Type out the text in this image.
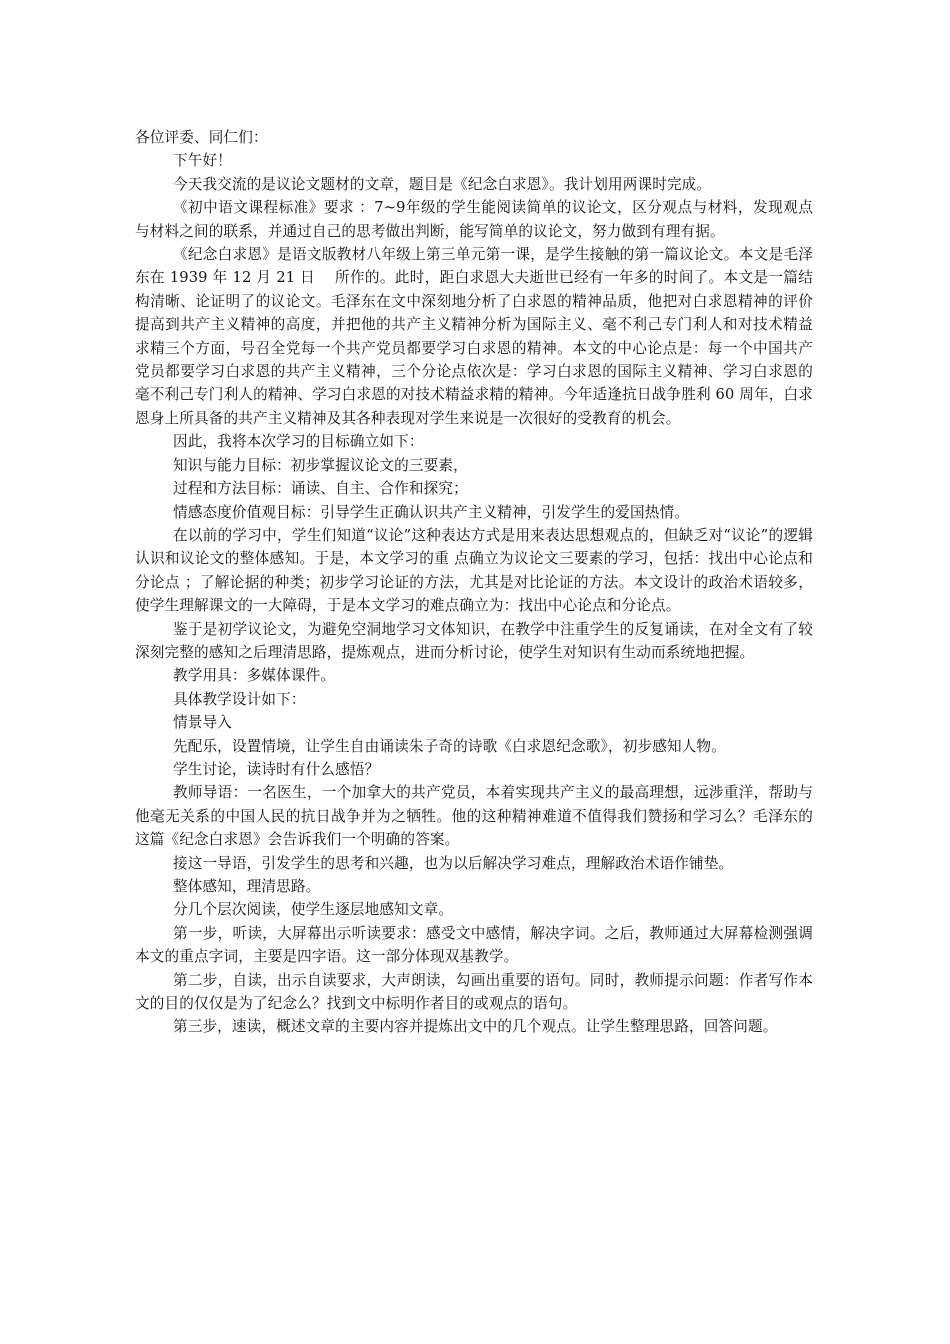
各位评委、同仁们：

下午好！

今天我交流的是议论文题材的文章，题目是《纪念白求恩》。我计划用两课时完成。

《初中语文课程标准》要求 ：7~9年级的学生能阅读简单的议论文，区分观点与材料，发现观点与材料之间的联系，并通过自己的思考做出判断，能写简单的议论文，努力做到有理有据。

《纪念白求恩》是语文版教材八年级上第三单元第一课，是学生接触的第一篇议论文。本文是毛泽东在 1939 年 12 月 21 日 　所作的。此时，距白求恩大夫逝世已经有一年多的时间了。本文是一篇结构清晰、论证明了的议论文。毛泽东在文中深刻地分析了白求恩的精神品质，他把对白求恩精神的评价提高到共产主义精神的高度，并把他的共产主义精神分析为国际主义、毫不利己专门利人和对技术精益求精三个方面，号召全党每一个共产党员都要学习白求恩的精神。本文的中心论点是：每一个中国共产党员都要学习白求恩的共产主义精神，三个分论点依次是：学习白求恩的国际主义精神、学习白求恩的毫不利己专门利人的精神、学习白求恩的对技术精益求精的精神。今年适逢抗日战争胜利 60 周年，白求恩身上所具备的共产主义精神及其各种表现对学生来说是一次很好的受教育的机会。

因此，我将本次学习的目标确立如下：

知识与能力目标：初步掌握议论文的三要素，

过程和方法目标：诵读、自主、合作和探究；

情感态度价值观目标：引导学生正确认识共产主义精神，引发学生的爱国热情。

在以前的学习中，学生们知道“议论”这种表达方式是用来表达思想观点的，但缺乏对“议论”的逻辑认识和议论文的整体感知。于是，本文学习的重 点确立为议论文三要素的学习，包括：找出中心论点和分论点 ；了解论据的种类；初步学习论证的方法，尤其是对比论证的方法。本文设计的政治术语较多，使学生理解课文的一大障碍，于是本文学习的难点确立为：找出中心论点和分论点。

鉴于是初学议论文，为避免空洞地学习文体知识，在教学中注重学生的反复诵读，在对全文有了较深刻完整的感知之后理清思路，提炼观点，进而分析讨论，使学生对知识有生动而系统地把握。

教学用具：多媒体课件。

具体教学设计如下：

情景导入

先配乐，设置情境，让学生自由诵读朱子奇的诗歌《白求恩纪念歌》，初步感知人物。

学生讨论，读诗时有什么感悟？

教师导语：一名医生，一个加拿大的共产党员，本着实现共产主义的最高理想，远涉重洋，帮助与他毫无关系的中国人民的抗日战争并为之牺牲。他的这种精神难道不值得我们赞扬和学习么？毛泽东的这篇《纪念白求恩》会告诉我们一个明确的答案。

接这一导语，引发学生的思考和兴趣，也为以后解决学习难点，理解政治术语作铺垫。

整体感知，理清思路。

分几个层次阅读，使学生逐层地感知文章。

第一步，听读，大屏幕出示听读要求：感受文中感情，解决字词。之后，教师通过大屏幕检测强调本文的重点字词，主要是四字语。这一部分体现双基教学。

第二步，自读，出示自读要求，大声朗读，勾画出重要的语句。同时，教师提示问题：作者写作本文的目的仅仅是为了纪念么？找到文中标明作者目的或观点的语句。

第三步，速读，概述文章的主要内容并提炼出文中的几个观点。让学生整理思路，回答问题。
